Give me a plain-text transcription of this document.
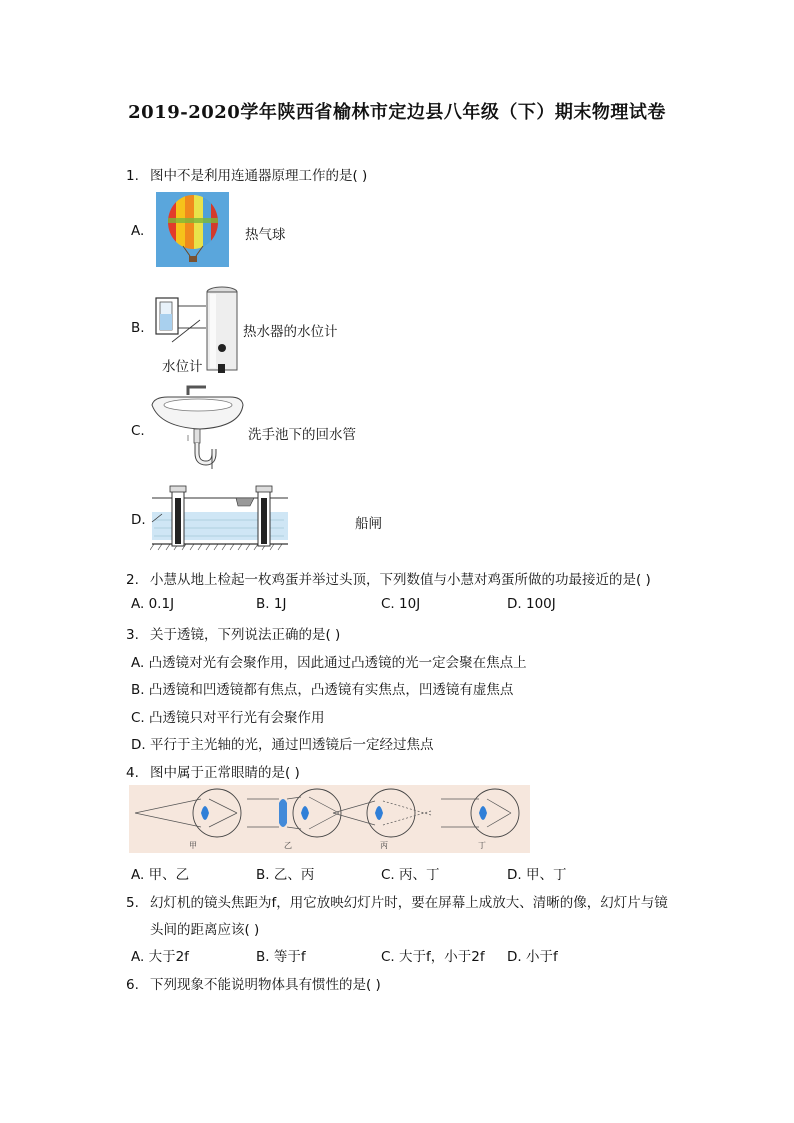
2019-2020学年陕西省榆林市定边县八年级（下）期末物理试卷
1. 图中不是利用连通器原理工作的是( )
A.	热气球
B.	热水器的水位计
水位计
C.	洗手池下的回水管
D.	船闸
2. 小慧从地上检起一枚鸡蛋并举过头顶，下列数值与小慧对鸡蛋所做的功最接近的是( )
A. 0.1J	B. 1J	C. 10J	D. 100J
3. 关于透镜，下列说法正确的是( )
A. 凸透镜对光有会聚作用，因此通过凸透镜的光一定会聚在焦点上
B. 凸透镜和凹透镜都有焦点，凸透镜有实焦点，凹透镜有虚焦点
C. 凸透镜只对平行光有会聚作用
D. 平行于主光轴的光，通过凹透镜后一定经过焦点
4. 图中属于正常眼睛的是( )
甲	乙	丙	丁
A. 甲、乙	B. 乙、丙	C. 丙、丁	D. 甲、丁
5. 幻灯机的镜头焦距为f，用它放映幻灯片时，要在屏幕上成放大、清晰的像，幻灯片与镜
头间的距离应该( )
A. 大于2f	B. 等于f	C. 大于f，小于2f D. 小于f
6. 下列现象不能说明物体具有惯性的是( )
